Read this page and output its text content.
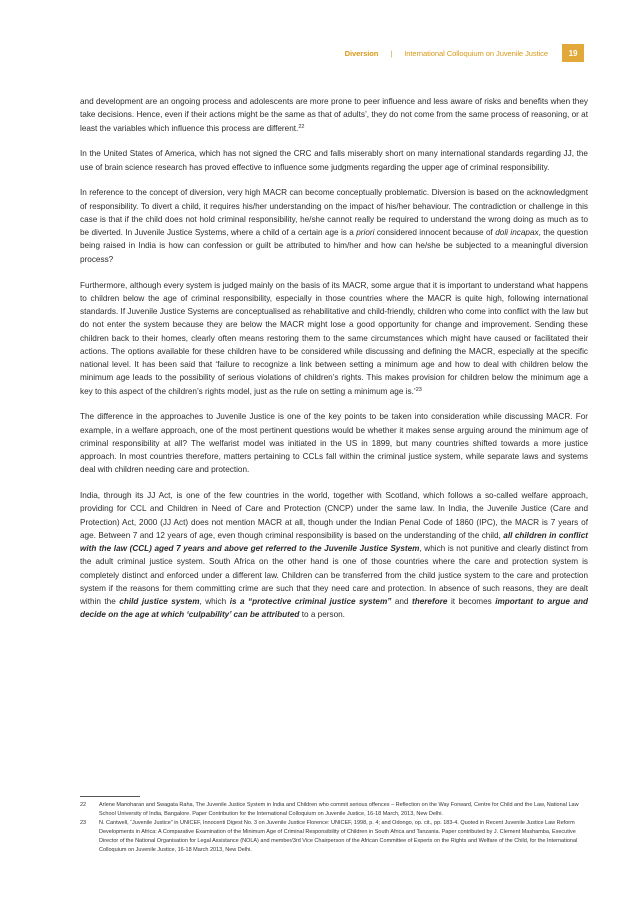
Diversion | International Colloquium on Juvenile Justice	19

and development are an ongoing process and adolescents are more prone to peer influence and less aware of risks and benefits when they take decisions. Hence, even if their actions might be the same as that of adults’, they do not come from the same process of reasoning, or at least the variables which influence this process are different.$^{22}$

In the United States of America, which has not signed the CRC and falls miserably short on many international standards regarding JJ, the use of brain science research has proved effective to influence some judgments regarding the upper age of criminal responsibility.

In reference to the concept of diversion, very high MACR can become conceptually problematic. Diversion is based on the acknowledgment of responsibility. To divert a child, it requires his/her understanding on the impact of his/her behaviour. The contradiction or challenge in this case is that if the child does not hold criminal responsibility, he/she cannot really be required to understand the wrong doing as much as to be diverted. In Juvenile Justice Systems, where a child of a certain age is a priori considered innocent because of doli incapax, the question being raised in India is how can confession or guilt be attributed to him/her and how can he/she be subjected to a meaningful diversion process?

Furthermore, although every system is judged mainly on the basis of its MACR, some argue that it is important to understand what happens to children below the age of criminal responsibility, especially in those countries where the MACR is quite high, following international standards. If Juvenile Justice Systems are conceptualised as rehabilitative and child-friendly, children who come into conflict with the law but do not enter the system because they are below the MACR might lose a good opportunity for change and improvement. Sending these children back to their homes, clearly often means restoring them to the same circumstances which might have caused or facilitated their actions. The options available for these children have to be considered while discussing and defining the MACR, especially at the specific national level. It has been said that ‘failure to recognize a link between setting a minimum age and how to deal with children below the minimum age leads to the possibility of serious violations of children’s rights. This makes provision for children below the minimum age a key to this aspect of the children’s rights model, just as the rule on setting a minimum age is.’$^{23}$

The difference in the approaches to Juvenile Justice is one of the key points to be taken into consideration while discussing MACR. For example, in a welfare approach, one of the most pertinent questions would be whether it makes sense arguing around the minimum age of criminal responsibility at all? The welfarist model was initiated in the US in 1899, but many countries shifted towards a more justice approach. In most countries therefore, matters pertaining to CCLs fall within the criminal justice system, while separate laws and systems deal with children needing care and protection.

India, through its JJ Act, is one of the few countries in the world, together with Scotland, which follows a so-called welfare approach, providing for CCL and Children in Need of Care and Protection (CNCP) under the same law. In India, the Juvenile Justice (Care and Protection) Act, 2000 (JJ Act) does not mention MACR at all, though under the Indian Penal Code of 1860 (IPC), the MACR is 7 years of age. Between 7 and 12 years of age, even though criminal responsibility is based on the understanding of the child, all children in conflict with the law (CCL) aged 7 years and above get referred to the Juvenile Justice System, which is not punitive and clearly distinct from the adult criminal justice system. South Africa on the other hand is one of those countries where the care and protection system is completely distinct and enforced under a different law. Children can be transferred from the child justice system to the care and protection system if the reasons for them committing crime are such that they need care and protection. In absence of such reasons, they are dealt within the child justice system, which is a “protective criminal justice system” and therefore it becomes important to argue and decide on the age at which ‘culpability’ can be attributed to a person.

22	Arlene Manoharan and Swagata Raha, The Juvenile Justice System in India and Children who commit serious offences – Reflection on the Way Forward, Centre for Child and the Law, National Law School University of India, Bangalore. Paper Contribution for the International Colloquium on Juvenile Justice, 16-18 March, 2013, New Delhi.
23	N. Cantwell, “Juvenile Justice” in UNICEF, Innocenti Digest No. 3 on Juvenile Justice Florence: UNICEF, 1998, p. 4; and Odongo, op. cit., pp. 183-4. Quoted in Recent Juvenile Justice Law Reform Developments in Africa: A Comparative Examination of the Minimum Age of Criminal Responsibility of Children in South Africa and Tanzania. Paper contributed by J. Clement Mashamba, Executive Director of the National Organisation for Legal Assistance (NOLA) and member/3rd Vice Chairperson of the African Committee of Experts on the Rights and Welfare of the Child, for the International Colloquium on Juvenile Justice, 16-18 March 2013, New Delhi.
